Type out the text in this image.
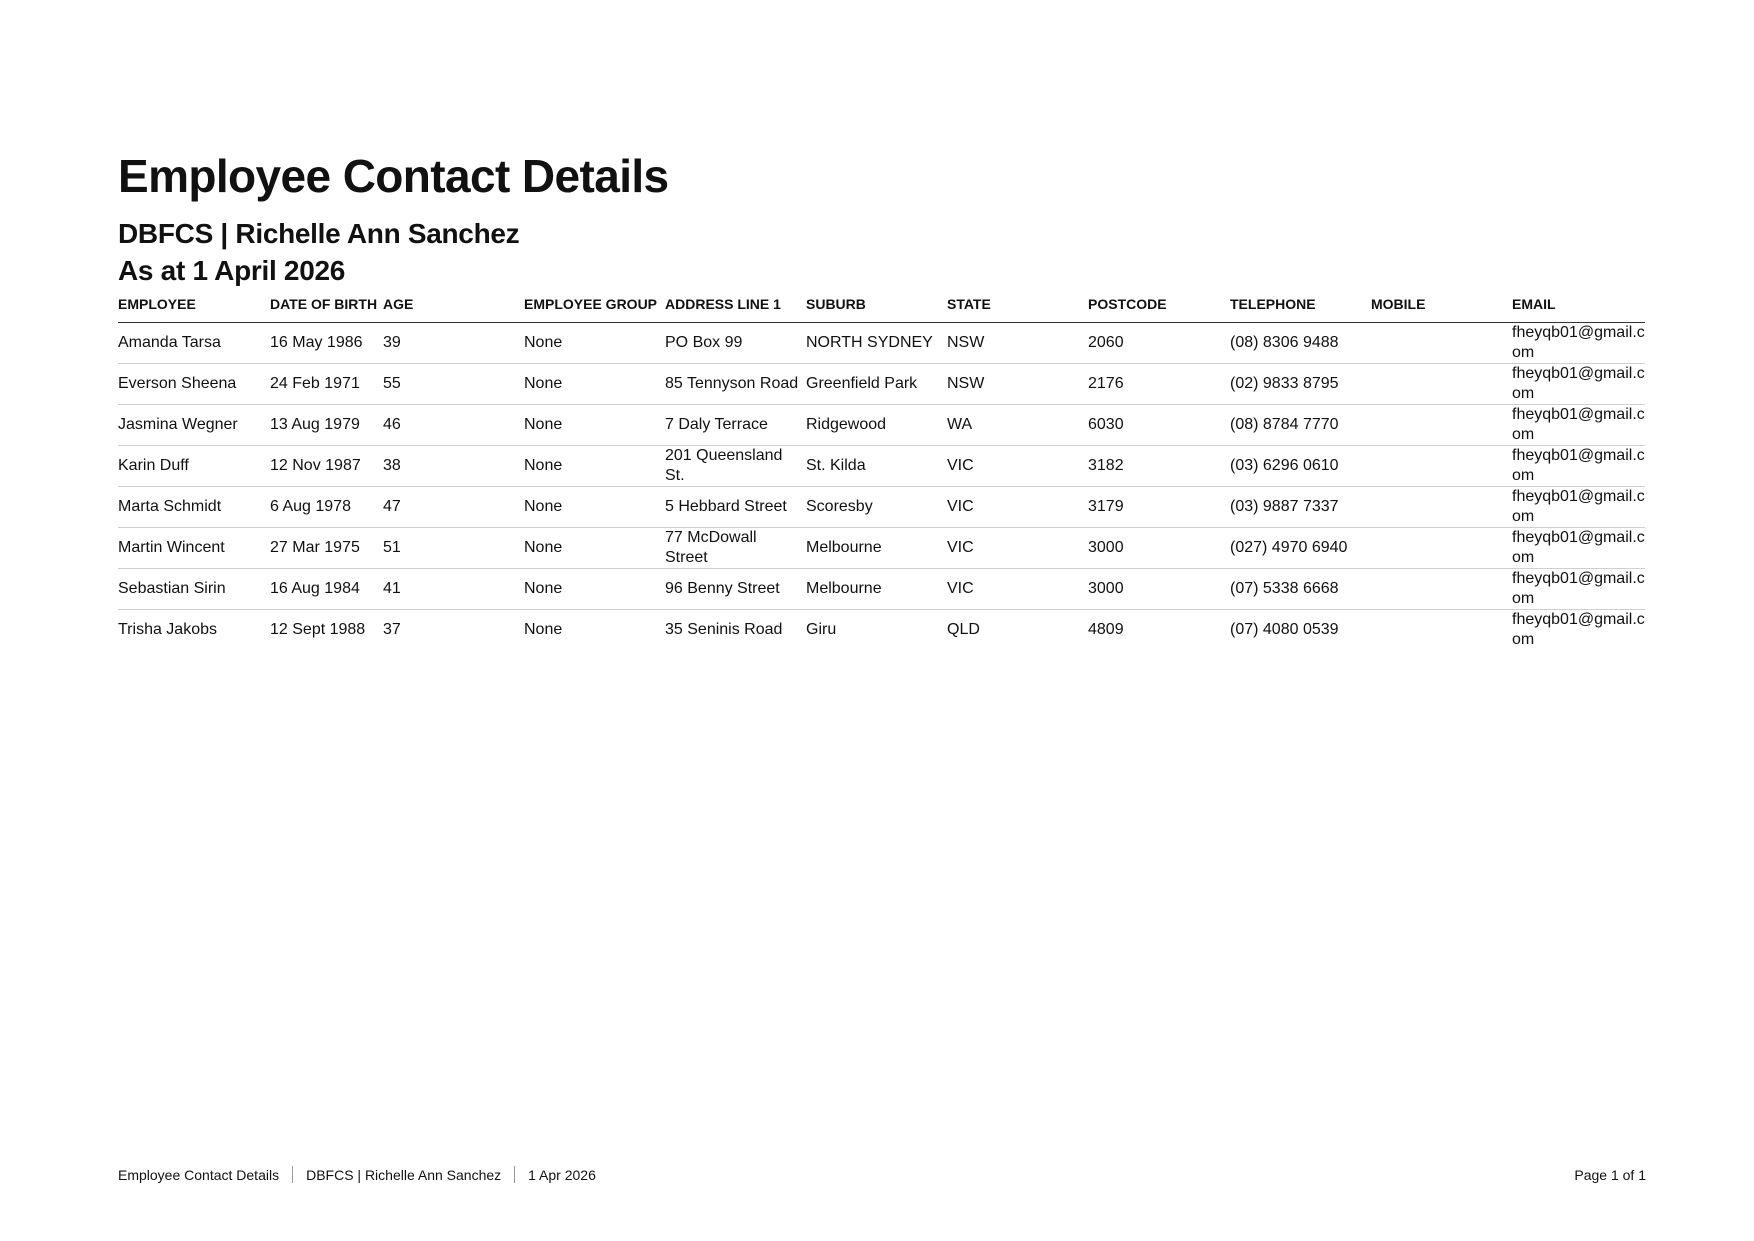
Employee Contact Details
DBFCS | Richelle Ann Sanchez
As at 1 April 2026
EMPLOYEE	DATE OF BIRTH	AGE	EMPLOYEE GROUP	ADDRESS LINE 1	SUBURB	STATE	POSTCODE	TELEPHONE	MOBILE	EMAIL
Amanda Tarsa	16 May 1986	39	None	PO Box 99	NORTH SYDNEY	NSW	2060	(08) 8306 9488		fheyqb01@gmail.com
Everson Sheena	24 Feb 1971	55	None	85 Tennyson Road	Greenfield Park	NSW	2176	(02) 9833 8795		fheyqb01@gmail.com
Jasmina Wegner	13 Aug 1979	46	None	7 Daly Terrace	Ridgewood	WA	6030	(08) 8784 7770		fheyqb01@gmail.com
Karin Duff	12 Nov 1987	38	None	201 Queensland St.	St. Kilda	VIC	3182	(03) 6296 0610		fheyqb01@gmail.com
Marta Schmidt	6 Aug 1978	47	None	5 Hebbard Street	Scoresby	VIC	3179	(03) 9887 7337		fheyqb01@gmail.com
Martin Wincent	27 Mar 1975	51	None	77 McDowall Street	Melbourne	VIC	3000	(027) 4970 6940		fheyqb01@gmail.com
Sebastian Sirin	16 Aug 1984	41	None	96 Benny Street	Melbourne	VIC	3000	(07) 5338 6668		fheyqb01@gmail.com
Trisha Jakobs	12 Sept 1988	37	None	35 Seninis Road	Giru	QLD	4809	(07) 4080 0539		fheyqb01@gmail.com
Employee Contact Details	DBFCS | Richelle Ann Sanchez	1 Apr 2026	Page 1 of 1
